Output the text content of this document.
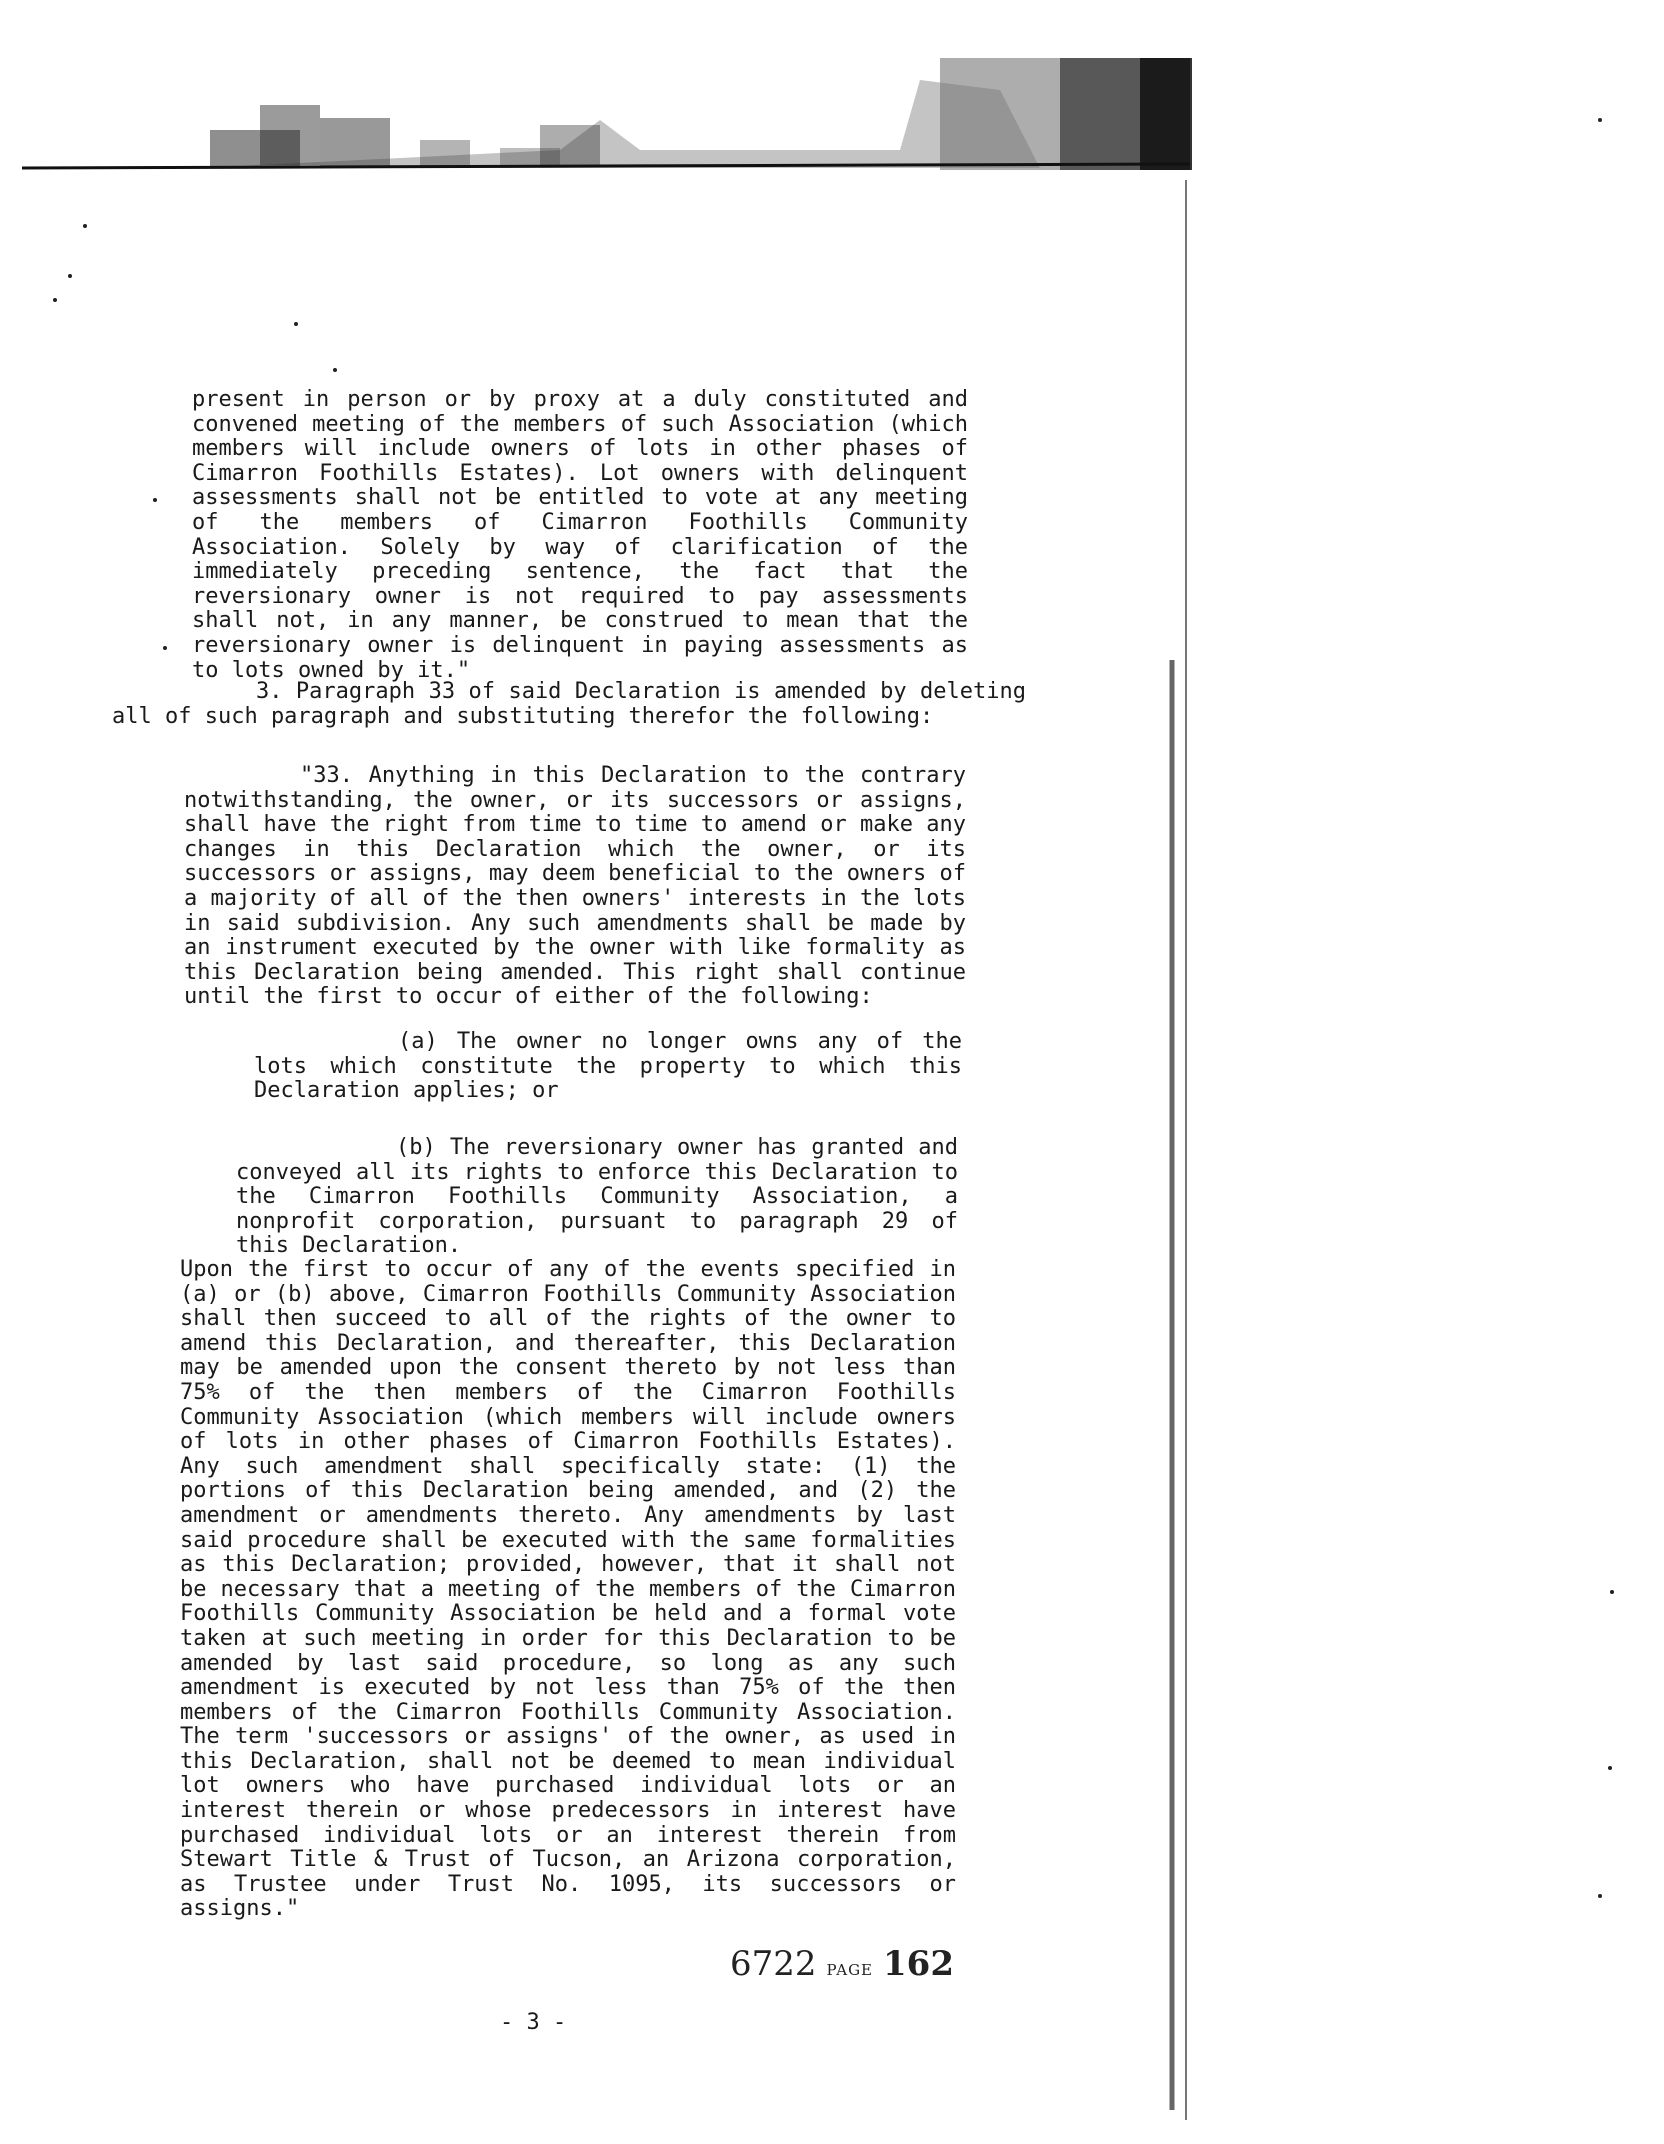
present in person or by proxy at a duly constituted and convened meeting of the members of such Association (which members will include owners of lots in other phases of Cimarron Foothills Estates). Lot owners with delinquent assessments shall not be entitled to vote at any meeting of the members of Cimarron Foothills Community Association. Solely by way of clarification of the immediately preceding sentence, the fact that the reversionary owner is not required to pay assessments shall not, in any manner, be construed to mean that the reversionary owner is delinquent in paying assessments as to lots owned by it."

3. Paragraph 33 of said Declaration is amended by deleting all of such paragraph and substituting therefor the following:

"33. Anything in this Declaration to the contrary notwithstanding, the owner, or its successors or assigns, shall have the right from time to time to amend or make any changes in this Declaration which the owner, or its successors or assigns, may deem beneficial to the owners of a majority of all of the then owners' interests in the lots in said subdivision. Any such amendments shall be made by an instrument executed by the owner with like formality as this Declaration being amended. This right shall continue until the first to occur of either of the following:

(a) The owner no longer owns any of the lots which constitute the property to which this Declaration applies; or

(b) The reversionary owner has granted and conveyed all its rights to enforce this Declaration to the Cimarron Foothills Community Association, a nonprofit corporation, pursuant to paragraph 29 of this Declaration.

Upon the first to occur of any of the events specified in (a) or (b) above, Cimarron Foothills Community Association shall then succeed to all of the rights of the owner to amend this Declaration, and thereafter, this Declaration may be amended upon the consent thereto by not less than 75% of the then members of the Cimarron Foothills Community Association (which members will include owners of lots in other phases of Cimarron Foothills Estates). Any such amendment shall specifically state: (1) the portions of this Declaration being amended, and (2) the amendment or amendments thereto. Any amendments by last said procedure shall be executed with the same formalities as this Declaration; provided, however, that it shall not be necessary that a meeting of the members of the Cimarron Foothills Community Association be held and a formal vote taken at such meeting in order for this Declaration to be amended by last said procedure, so long as any such amendment is executed by not less than 75% of the then members of the Cimarron Foothills Community Association. The term 'successors or assigns' of the owner, as used in this Declaration, shall not be deemed to mean individual lot owners who have purchased individual lots or an interest therein or whose predecessors in interest have purchased individual lots or an interest therein from Stewart Title & Trust of Tucson, an Arizona corporation, as Trustee under Trust No. 1095, its successors or assigns."

6722 PAGE 162
- 3 -
